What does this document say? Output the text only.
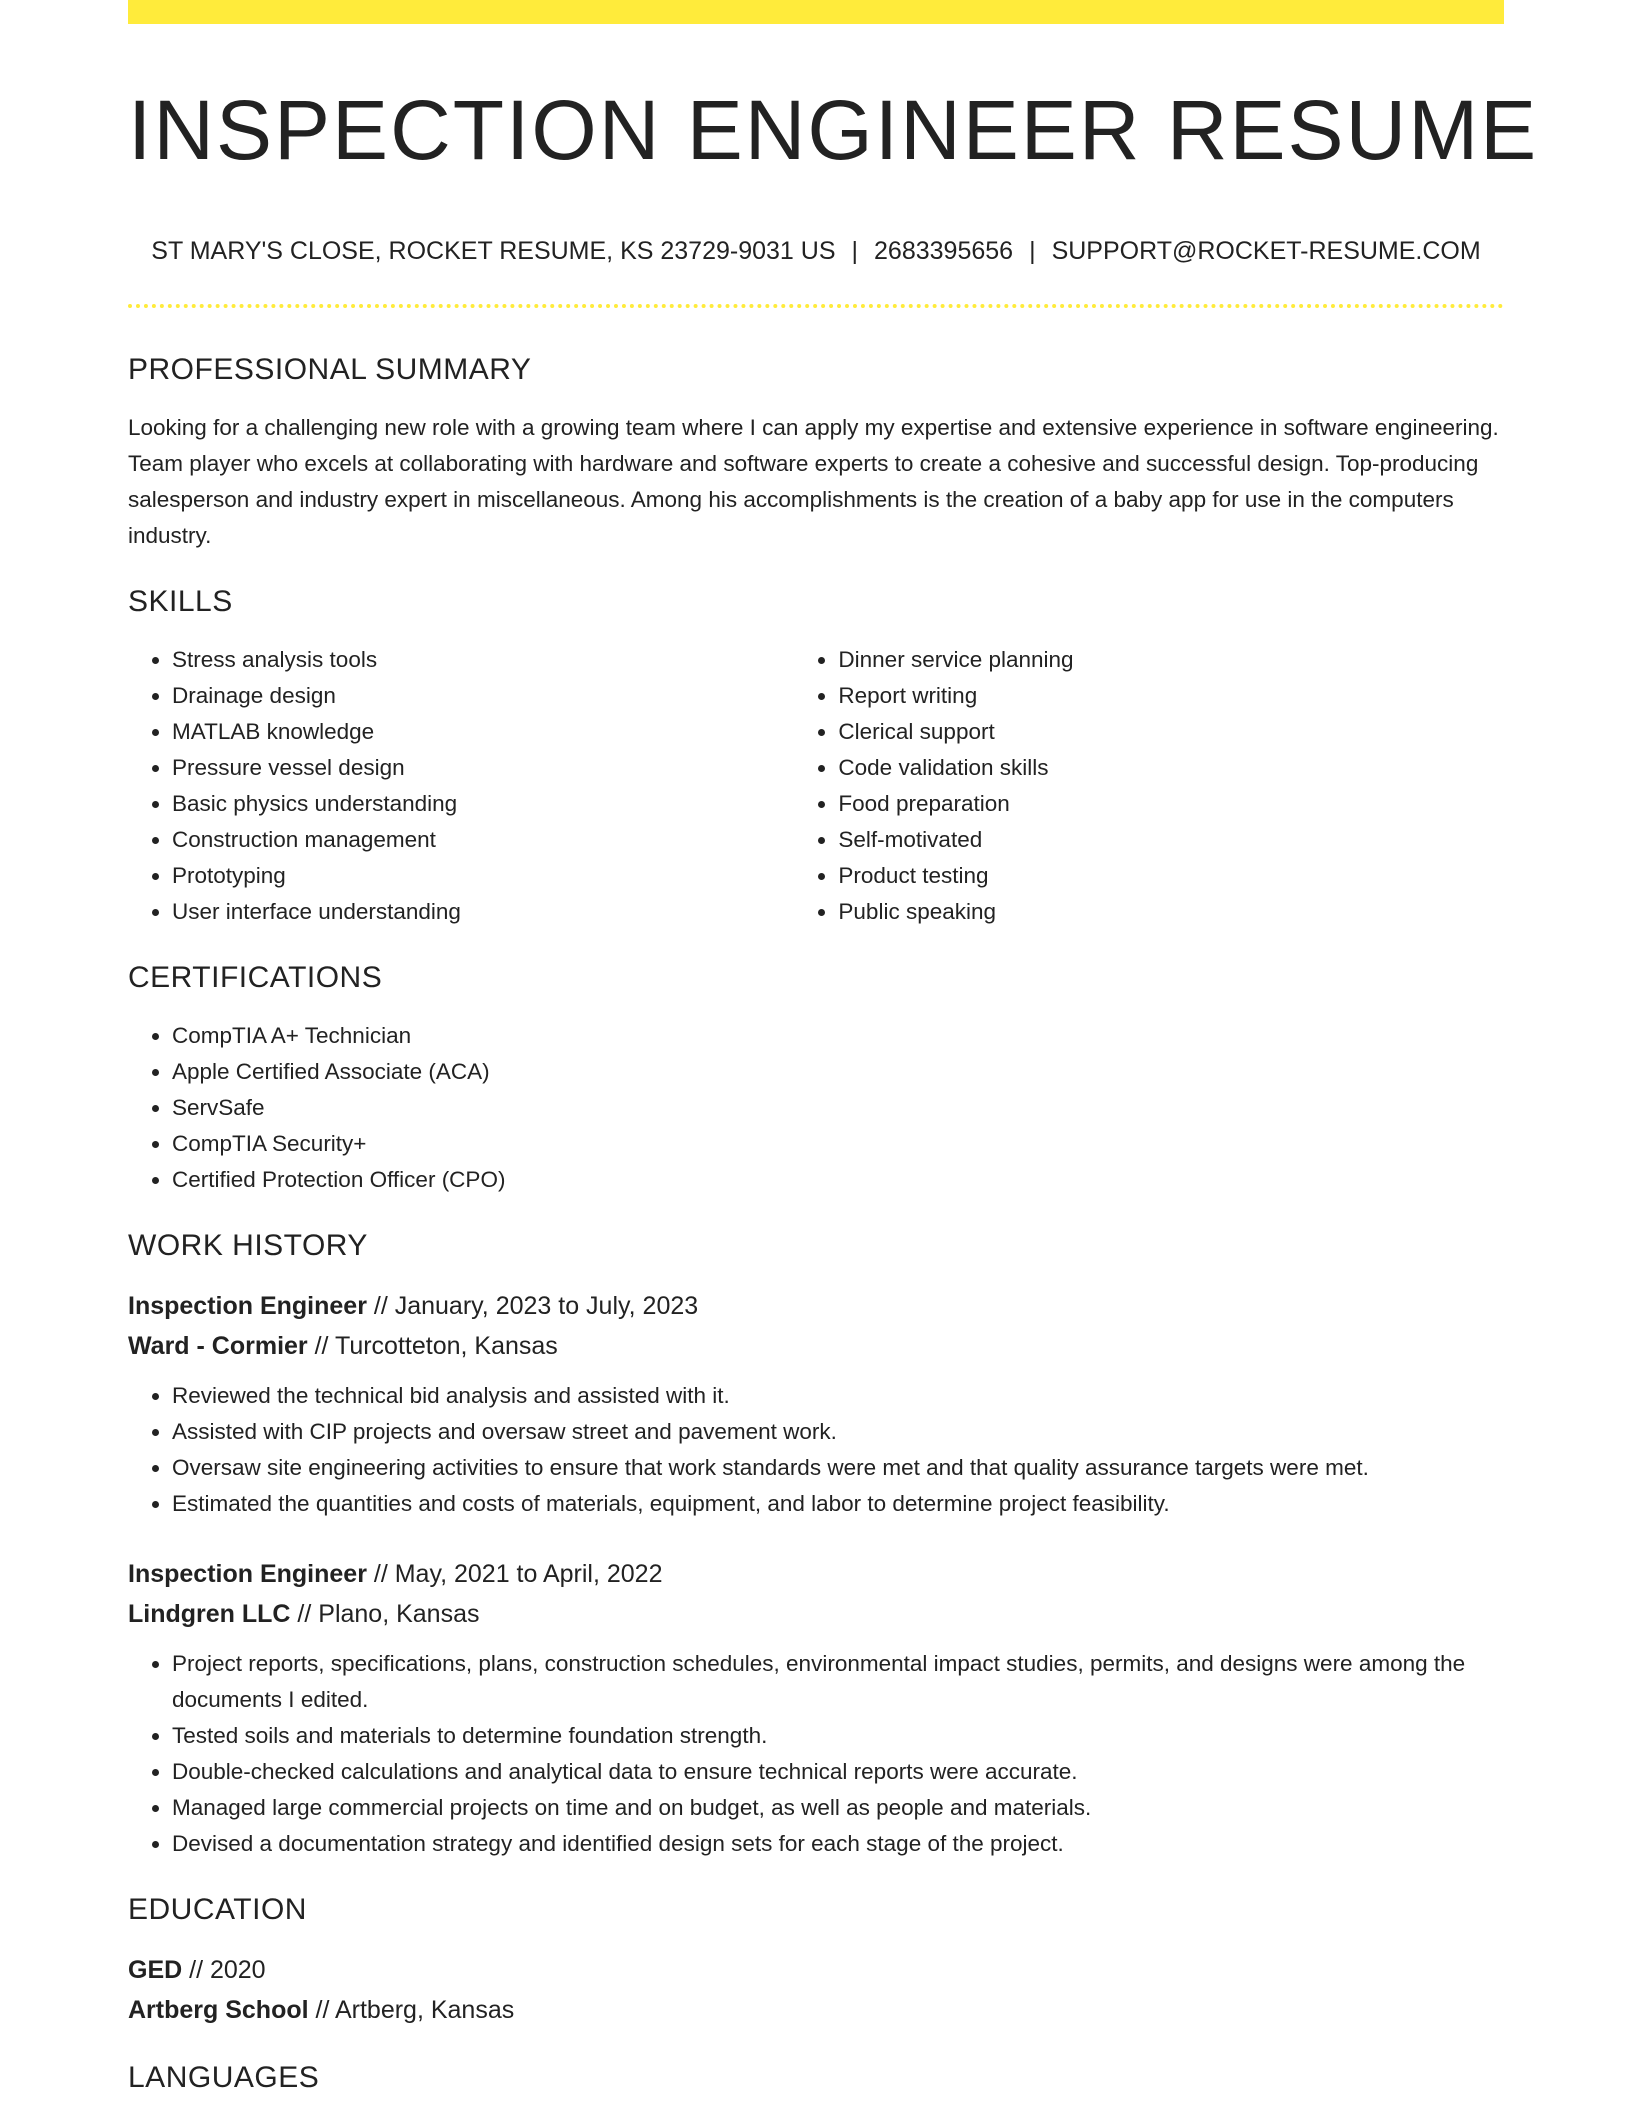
INSPECTION ENGINEER RESUME
ST MARY'S CLOSE, ROCKET RESUME, KS 23729-9031 US | 2683395656 | SUPPORT@ROCKET-RESUME.COM
PROFESSIONAL SUMMARY

Looking for a challenging new role with a growing team where I can apply my expertise and extensive experience in software engineering. Team player who excels at collaborating with hardware and software experts to create a cohesive and successful design. Top-producing salesperson and industry expert in miscellaneous. Among his accomplishments is the creation of a baby app for use in the computers industry.

SKILLS
• Stress analysis tools
• Drainage design
• MATLAB knowledge
• Pressure vessel design
• Basic physics understanding
• Construction management
• Prototyping
• User interface understanding
• Dinner service planning
• Report writing
• Clerical support
• Code validation skills
• Food preparation
• Self-motivated
• Product testing
• Public speaking
CERTIFICATIONS
• CompTIA A+ Technician
• Apple Certified Associate (ACA)
• ServSafe
• CompTIA Security+
• Certified Protection Officer (CPO)
WORK HISTORY
Inspection Engineer // January, 2023 to July, 2023
Ward - Cormier // Turcotteton, Kansas
• Reviewed the technical bid analysis and assisted with it.
• Assisted with CIP projects and oversaw street and pavement work.
• Oversaw site engineering activities to ensure that work standards were met and that quality assurance targets were met.
• Estimated the quantities and costs of materials, equipment, and labor to determine project feasibility.
Inspection Engineer // May, 2021 to April, 2022
Lindgren LLC // Plano, Kansas
• Project reports, specifications, plans, construction schedules, environmental impact studies, permits, and designs were among the documents I edited.
• Tested soils and materials to determine foundation strength.
• Double-checked calculations and analytical data to ensure technical reports were accurate.
• Managed large commercial projects on time and on budget, as well as people and materials.
• Devised a documentation strategy and identified design sets for each stage of the project.
EDUCATION
GED // 2020
Artberg School // Artberg, Kansas
LANGUAGES
